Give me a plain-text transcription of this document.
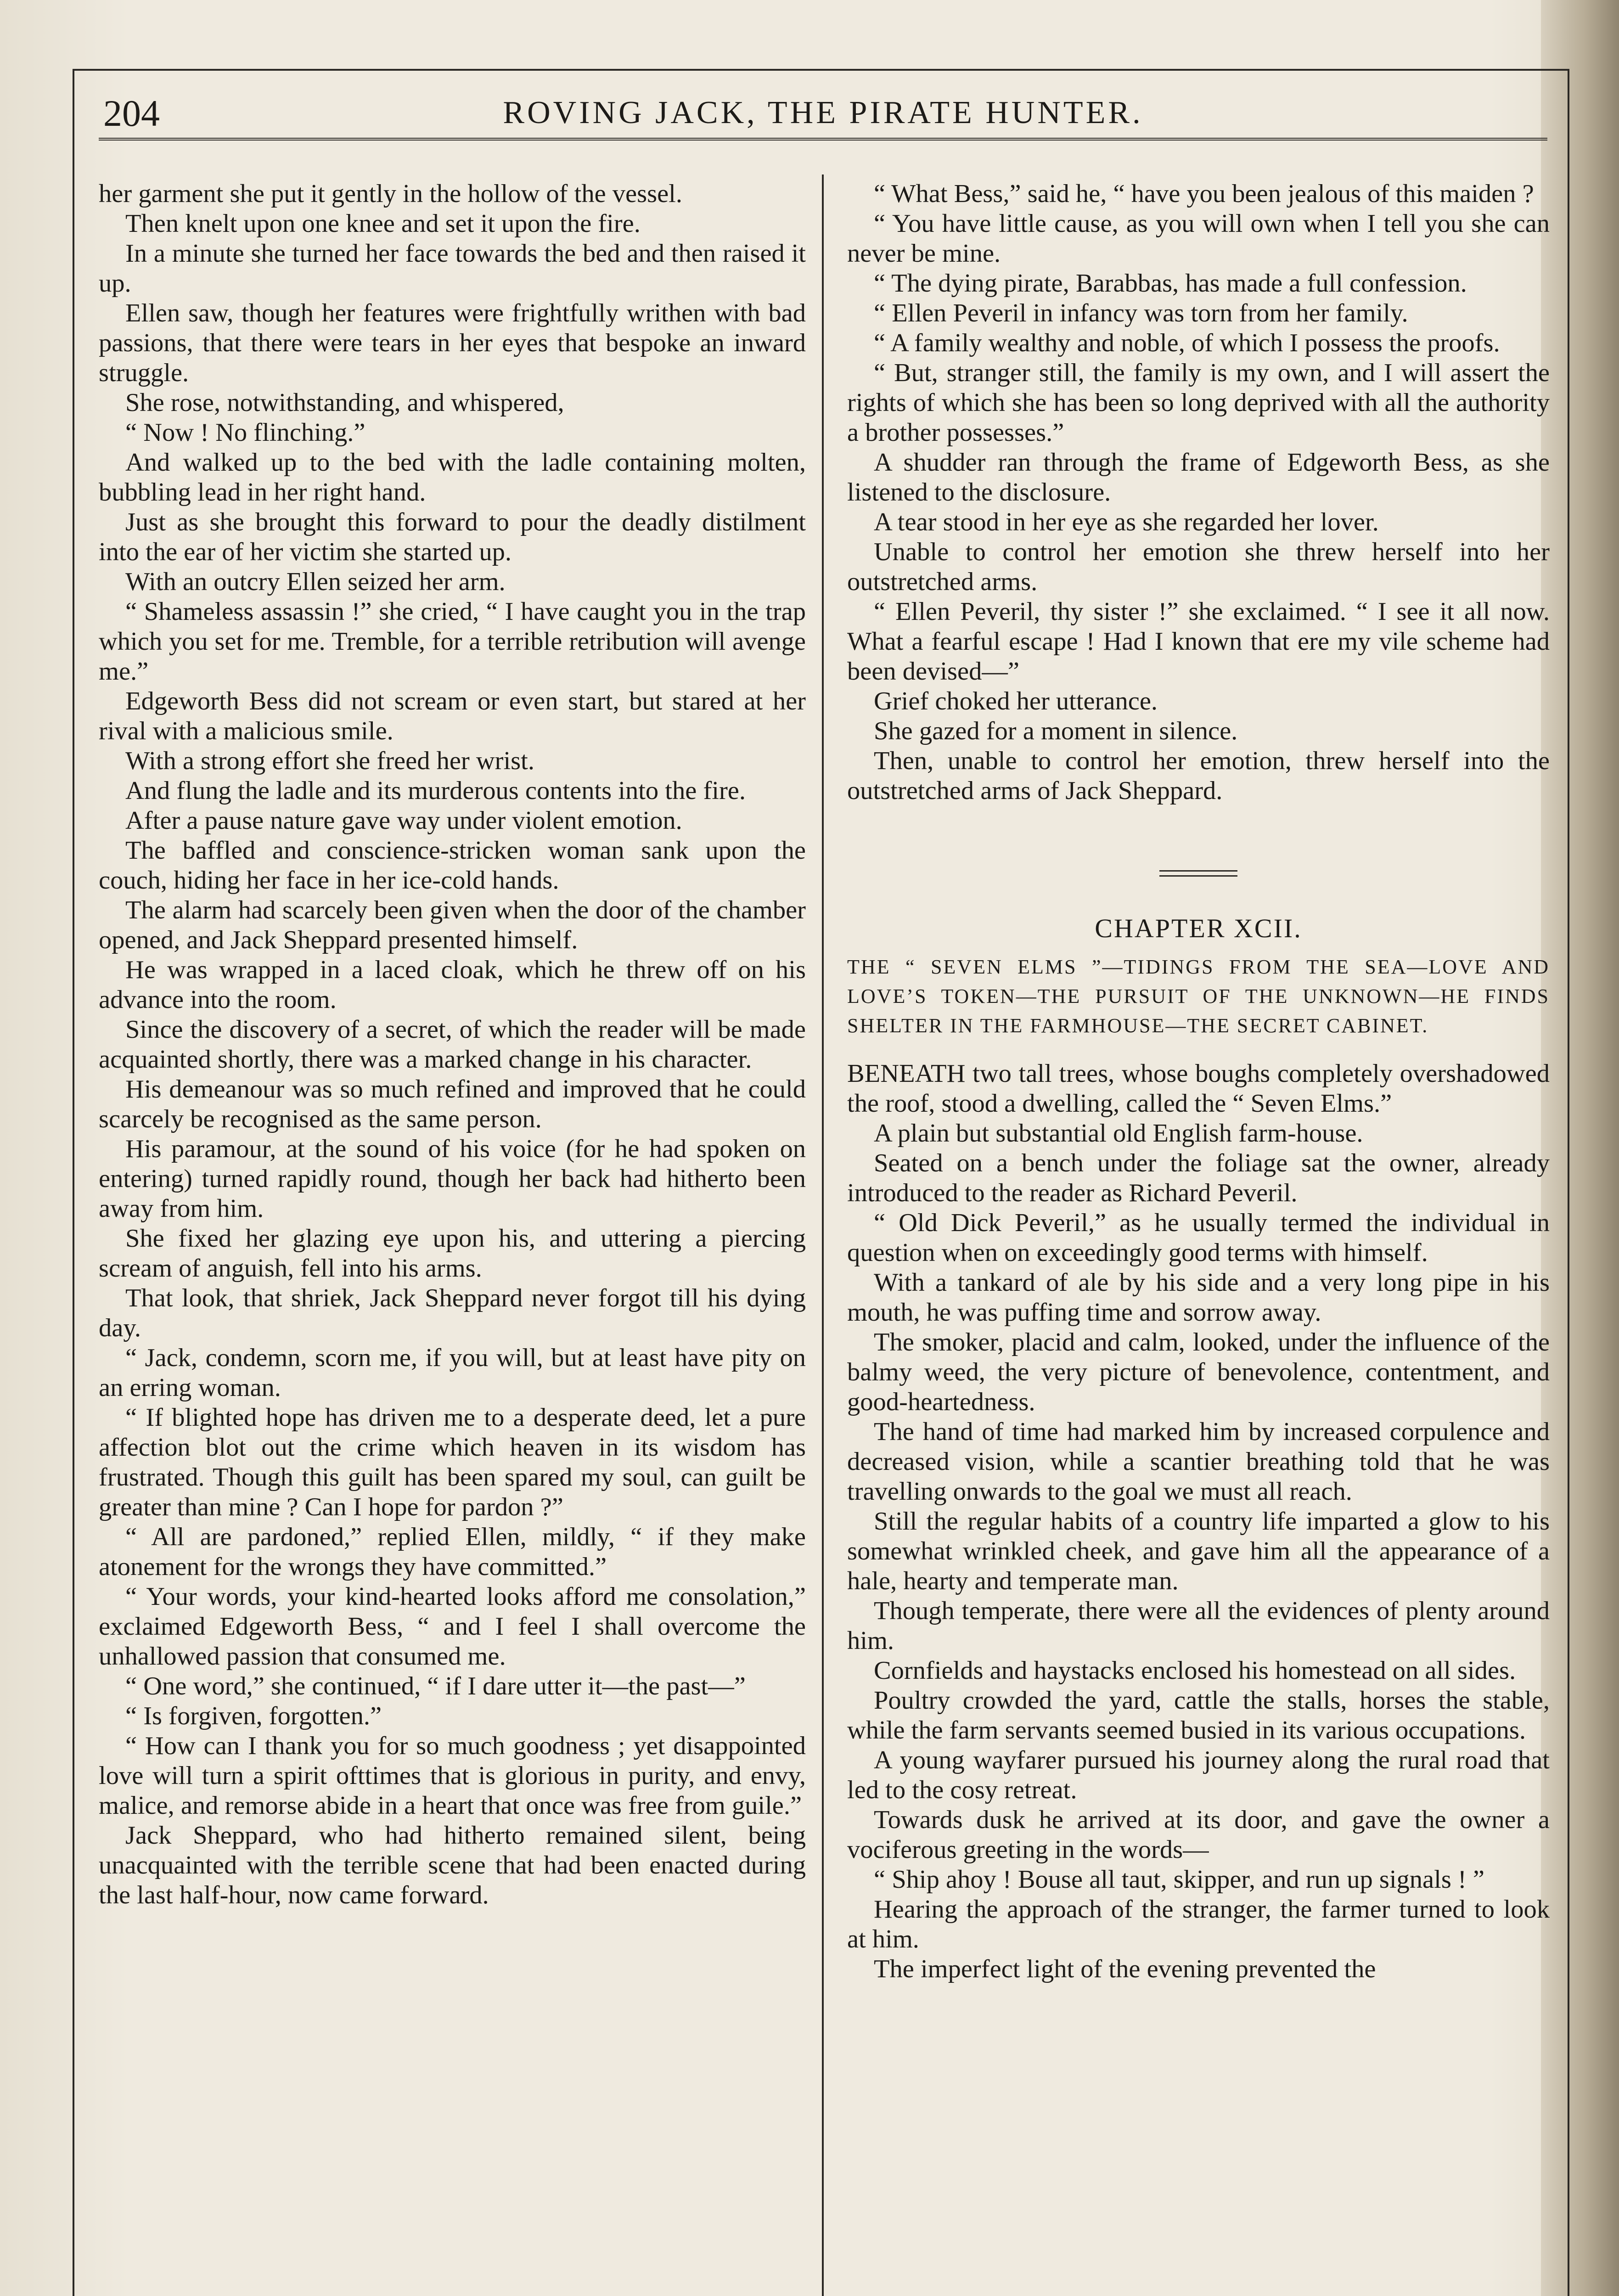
204	ROVING JACK, THE PIRATE HUNTER.

her garment she put it gently in the hollow of the vessel.

Then knelt upon one knee and set it upon the fire.

In a minute she turned her face towards the bed and then raised it up.

Ellen saw, though her features were frightfully writhen with bad passions, that there were tears in her eyes that bespoke an inward struggle.

She rose, notwithstanding, and whispered,

“ Now ! No flinching.”

And walked up to the bed with the ladle containing molten, bubbling lead in her right hand.

Just as she brought this forward to pour the deadly distilment into the ear of her victim she started up.

With an outcry Ellen seized her arm.

“ Shameless assassin !” she cried, “ I have caught you in the trap which you set for me. Tremble, for a terrible retribution will avenge me.”

Edgeworth Bess did not scream or even start, but stared at her rival with a malicious smile.

With a strong effort she freed her wrist.

And flung the ladle and its murderous contents into the fire.

After a pause nature gave way under violent emotion.

The baffled and conscience-stricken woman sank upon the couch, hiding her face in her ice-cold hands.

The alarm had scarcely been given when the door of the chamber opened, and Jack Sheppard presented himself.

He was wrapped in a laced cloak, which he threw off on his advance into the room.

Since the discovery of a secret, of which the reader will be made acquainted shortly, there was a marked change in his character.

His demeanour was so much refined and improved that he could scarcely be recognised as the same person.

His paramour, at the sound of his voice (for he had spoken on entering) turned rapidly round, though her back had hitherto been away from him.

She fixed her glazing eye upon his, and uttering a piercing scream of anguish, fell into his arms.

That look, that shriek, Jack Sheppard never forgot till his dying day.

“ Jack, condemn, scorn me, if you will, but at least have pity on an erring woman.

“ If blighted hope has driven me to a desperate deed, let a pure affection blot out the crime which heaven in its wisdom has frustrated. Though this guilt has been spared my soul, can guilt be greater than mine ? Can I hope for pardon ?”

“ All are pardoned,” replied Ellen, mildly, “ if they make atonement for the wrongs they have committed.”

“ Your words, your kind-hearted looks afford me consolation,” exclaimed Edgeworth Bess, “ and I feel I shall overcome the unhallowed passion that consumed me.

“ One word,” she continued, “ if I dare utter it—the past—”

“ Is forgiven, forgotten.”

“ How can I thank you for so much goodness ; yet disappointed love will turn a spirit ofttimes that is glorious in purity, and envy, malice, and remorse abide in a heart that once was free from guile.”

Jack Sheppard, who had hitherto remained silent, being unacquainted with the terrible scene that had been enacted during the last half-hour, now came forward.

“ What Bess,” said he, “ have you been jealous of this maiden ?

“ You have little cause, as you will own when I tell you she can never be mine.

“ The dying pirate, Barabbas, has made a full confession.

“ Ellen Peveril in infancy was torn from her family.

“ A family wealthy and noble, of which I possess the proofs.

“ But, stranger still, the family is my own, and I will assert the rights of which she has been so long deprived with all the authority a brother possesses.”

A shudder ran through the frame of Edgeworth Bess, as she listened to the disclosure.

A tear stood in her eye as she regarded her lover.

Unable to control her emotion she threw herself into her outstretched arms.

“ Ellen Peveril, thy sister !” she exclaimed. “ I see it all now. What a fearful escape ! Had I known that ere my vile scheme had been devised—”

Grief choked her utterance.

She gazed for a moment in silence.

Then, unable to control her emotion, threw herself into the outstretched arms of Jack Sheppard.

CHAPTER XCII.

THE “ SEVEN ELMS ”—TIDINGS FROM THE SEA—LOVE AND LOVE’S TOKEN—THE PURSUIT OF THE UNKNOWN—HE FINDS SHELTER IN THE FARMHOUSE—THE SECRET CABINET.

BENEATH two tall trees, whose boughs completely overshadowed the roof, stood a dwelling, called the “ Seven Elms.”

A plain but substantial old English farm-house.

Seated on a bench under the foliage sat the owner, already introduced to the reader as Richard Peveril.

“ Old Dick Peveril,” as he usually termed the individual in question when on exceedingly good terms with himself.

With a tankard of ale by his side and a very long pipe in his mouth, he was puffing time and sorrow away.

The smoker, placid and calm, looked, under the influence of the balmy weed, the very picture of benevolence, contentment, and good-heartedness.

The hand of time had marked him by increased corpulence and decreased vision, while a scantier breathing told that he was travelling onwards to the goal we must all reach.

Still the regular habits of a country life imparted a glow to his somewhat wrinkled cheek, and gave him all the appearance of a hale, hearty and temperate man.

Though temperate, there were all the evidences of plenty around him.

Cornfields and haystacks enclosed his homestead on all sides.

Poultry crowded the yard, cattle the stalls, horses the stable, while the farm servants seemed busied in its various occupations.

A young wayfarer pursued his journey along the rural road that led to the cosy retreat.

Towards dusk he arrived at its door, and gave the owner a vociferous greeting in the words—

“ Ship ahoy ! Bouse all taut, skipper, and run up signals ! ”

Hearing the approach of the stranger, the farmer turned to look at him.

The imperfect light of the evening prevented the
